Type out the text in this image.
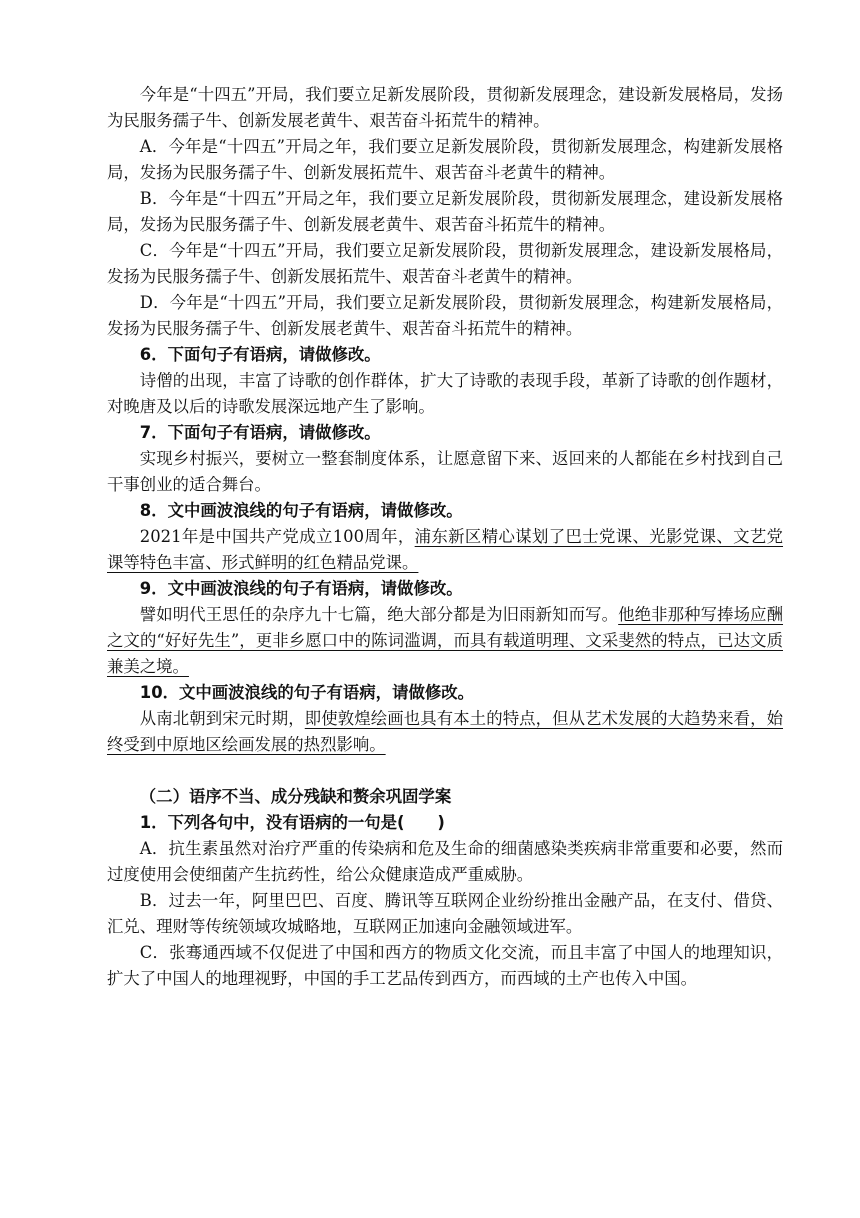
今年是“十四五”开局，我们要立足新发展阶段，贯彻新发展理念，建设新发展格局，发扬为民服务孺子牛、创新发展老黄牛、艰苦奋斗拓荒牛的精神。

A．今年是“十四五”开局之年，我们要立足新发展阶段，贯彻新发展理念，构建新发展格局，发扬为民服务孺子牛、创新发展拓荒牛、艰苦奋斗老黄牛的精神。

B．今年是“十四五”开局之年，我们要立足新发展阶段，贯彻新发展理念，建设新发展格局，发扬为民服务孺子牛、创新发展老黄牛、艰苦奋斗拓荒牛的精神。

C．今年是“十四五”开局，我们要立足新发展阶段，贯彻新发展理念，建设新发展格局，发扬为民服务孺子牛、创新发展拓荒牛、艰苦奋斗老黄牛的精神。

D．今年是“十四五”开局，我们要立足新发展阶段，贯彻新发展理念，构建新发展格局，发扬为民服务孺子牛、创新发展老黄牛、艰苦奋斗拓荒牛的精神。

6．下面句子有语病，请做修改。

诗僧的出现，丰富了诗歌的创作群体，扩大了诗歌的表现手段，革新了诗歌的创作题材，对晚唐及以后的诗歌发展深远地产生了影响。

7．下面句子有语病，请做修改。

实现乡村振兴，要树立一整套制度体系，让愿意留下来、返回来的人都能在乡村找到自己干事创业的适合舞台。

8．文中画波浪线的句子有语病，请做修改。

2021年是中国共产党成立100周年，浦东新区精心谋划了巴士党课、光影党课、文艺党课等特色丰富、形式鲜明的红色精品党课。

9．文中画波浪线的句子有语病，请做修改。

譬如明代王思任的杂序九十七篇，绝大部分都是为旧雨新知而写。他绝非那种写捧场应酬之文的“好好先生”，更非乡愿口中的陈词滥调，而具有载道明理、文采斐然的特点，已达文质兼美之境。

10．文中画波浪线的句子有语病，请做修改。

从南北朝到宋元时期，即使敦煌绘画也具有本土的特点，但从艺术发展的大趋势来看，始终受到中原地区绘画发展的热烈影响。

（二）语序不当、成分残缺和赘余巩固学案

1．下列各句中，没有语病的一句是(　　)

A．抗生素虽然对治疗严重的传染病和危及生命的细菌感染类疾病非常重要和必要，然而过度使用会使细菌产生抗药性，给公众健康造成严重威胁。

B．过去一年，阿里巴巴、百度、腾讯等互联网企业纷纷推出金融产品，在支付、借贷、汇兑、理财等传统领域攻城略地，互联网正加速向金融领域进军。

C．张骞通西域不仅促进了中国和西方的物质文化交流，而且丰富了中国人的地理知识，扩大了中国人的地理视野，中国的手工艺品传到西方，而西域的土产也传入中国。
